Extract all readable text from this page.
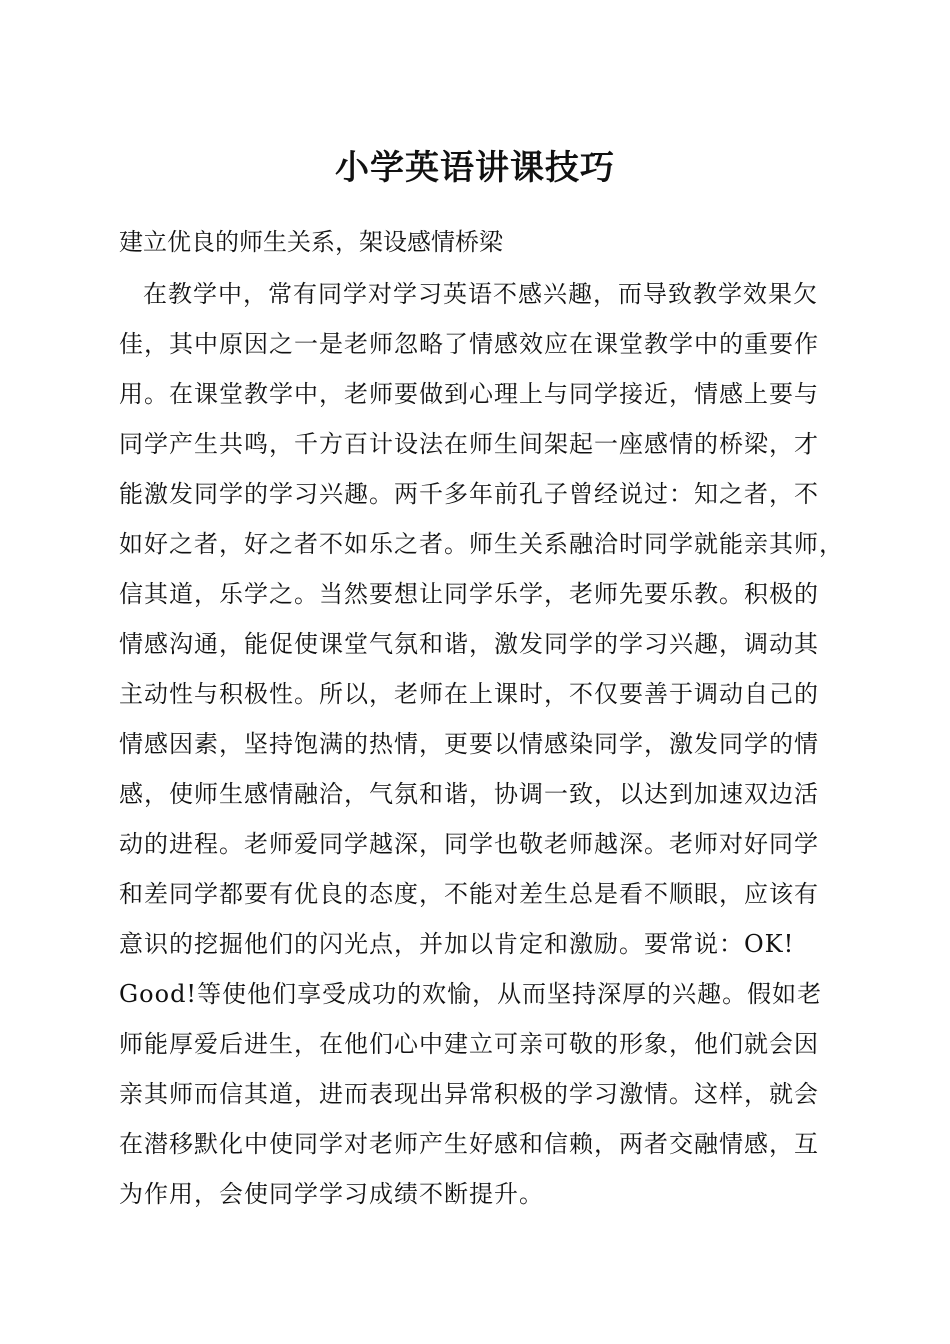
小学英语讲课技巧

建立优良的师生关系，架设感情桥梁

在教学中，常有同学对学习英语不感兴趣，而导致教学效果欠
佳，其中原因之一是老师忽略了情感效应在课堂教学中的重要作
用。在课堂教学中，老师要做到心理上与同学接近，情感上要与
同学产生共鸣，千方百计设法在师生间架起一座感情的桥梁，才
能激发同学的学习兴趣。两千多年前孔子曾经说过：知之者，不
如好之者，好之者不如乐之者。师生关系融洽时同学就能亲其师，
信其道，乐学之。当然要想让同学乐学，老师先要乐教。积极的
情感沟通，能促使课堂气氛和谐，激发同学的学习兴趣，调动其
主动性与积极性。所以，老师在上课时，不仅要善于调动自己的
情感因素，坚持饱满的热情，更要以情感染同学，激发同学的情
感，使师生感情融洽，气氛和谐，协调一致，以达到加速双边活
动的进程。老师爱同学越深，同学也敬老师越深。老师对好同学
和差同学都要有优良的态度，不能对差生总是看不顺眼，应该有
意识的挖掘他们的闪光点，并加以肯定和激励。要常说：OK!
Good!等使他们享受成功的欢愉，从而坚持深厚的兴趣。假如老
师能厚爱后进生，在他们心中建立可亲可敬的形象，他们就会因
亲其师而信其道，进而表现出异常积极的学习激情。这样，就会
在潜移默化中使同学对老师产生好感和信赖，两者交融情感，互
为作用，会使同学学习成绩不断提升。
